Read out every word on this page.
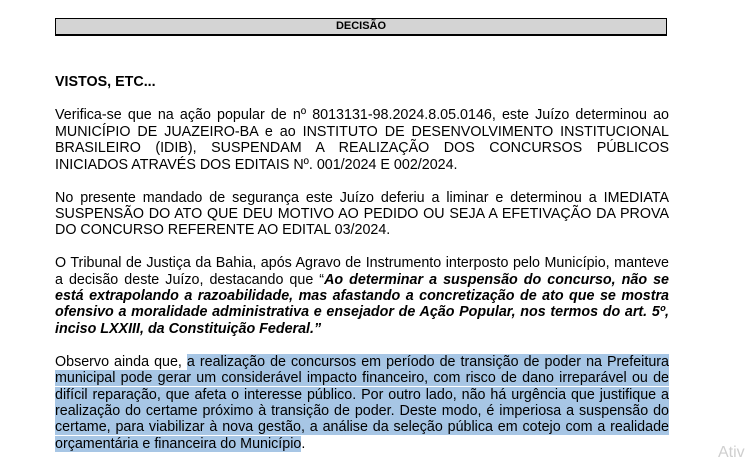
DECISÃO

VISTOS, ETC...

Verifica-se que na ação popular de nº 8013131-98.2024.8.05.0146, este Juízo determinou ao MUNICÍPIO DE JUAZEIRO-BA e ao INSTITUTO DE DESENVOLVIMENTO INSTITUCIONAL BRASILEIRO (IDIB), SUSPENDAM A REALIZAÇÃO DOS CONCURSOS PÚBLICOS INICIADOS ATRAVÉS DOS EDITAIS Nº. 001/2024 E 002/2024.

No presente mandado de segurança este Juízo deferiu a liminar e determinou a IMEDIATA SUSPENSÃO DO ATO QUE DEU MOTIVO AO PEDIDO OU SEJA A EFETIVAÇÃO DA PROVA DO CONCURSO REFERENTE AO EDITAL 03/2024.

O Tribunal de Justiça da Bahia, após Agravo de Instrumento interposto pelo Município, manteve a decisão deste Juízo, destacando que “Ao determinar a suspensão do concurso, não se está extrapolando a razoabilidade, mas afastando a concretização de ato que se mostra ofensivo a moralidade administrativa e ensejador de Ação Popular, nos termos do art. 5º, inciso LXXIII, da Constituição Federal.”

Observo ainda que, a realização de concursos em período de transição de poder na Prefeitura municipal pode gerar um considerável impacto financeiro, com risco de dano irreparável ou de difícil reparação, que afeta o interesse público. Por outro lado, não há urgência que justifique a realização do certame próximo à transição de poder. Deste modo, é imperiosa a suspensão do certame, para viabilizar à nova gestão, a análise da seleção pública em cotejo com a realidade orçamentária e financeira do Município.

Ativ
